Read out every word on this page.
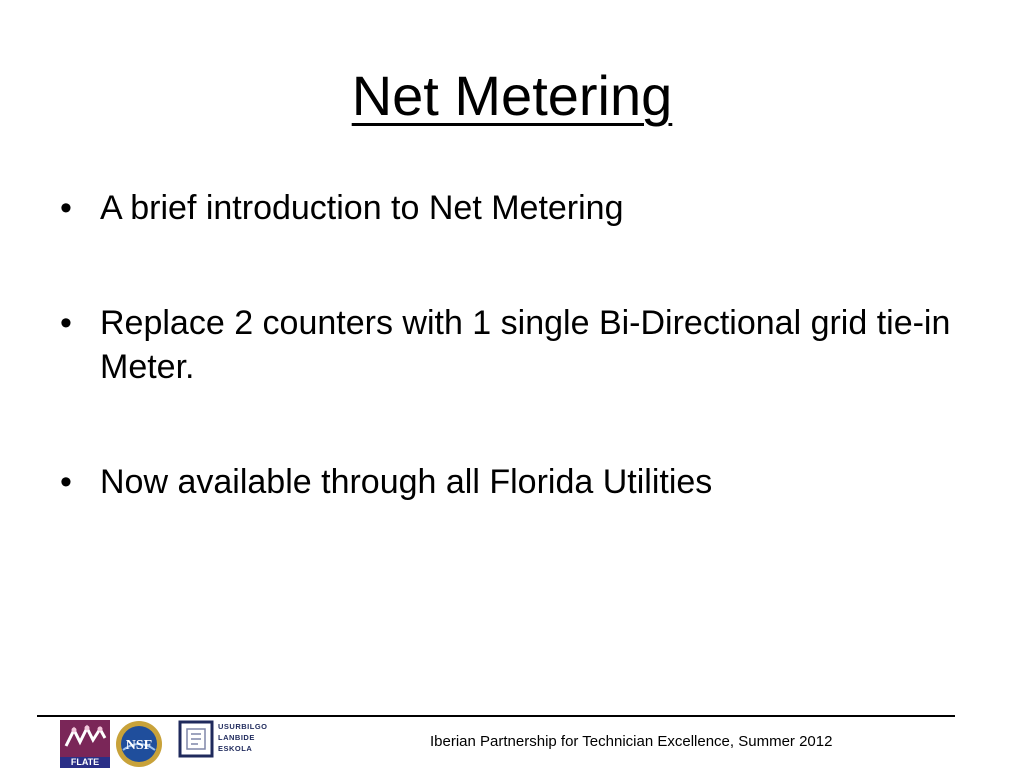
Net Metering
• A brief introduction to Net Metering
• Replace 2 counters with 1 single Bi-Directional grid tie-in Meter.
• Now available through all Florida Utilities
FLATE
NSF
USURBILGO
LANBIDE
ESKOLA	Iberian Partnership for Technician Excellence, Summer 2012
